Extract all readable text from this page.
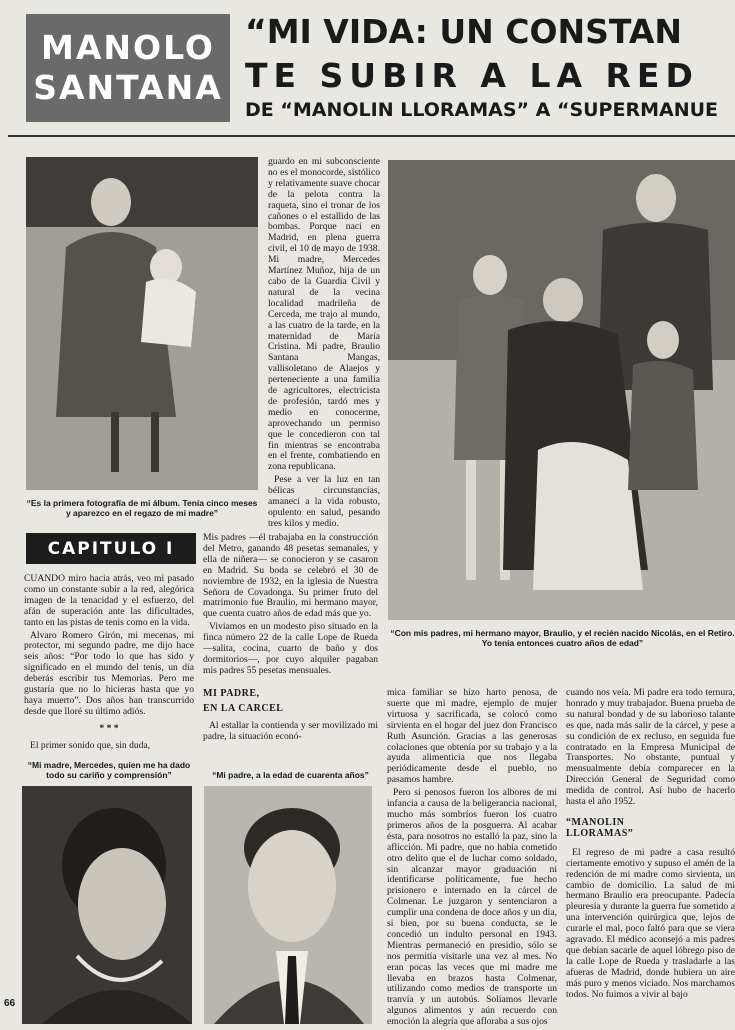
MANOLO
SANTANA
“MI VIDA: UN CONSTAN
TE SUBIR A LA RED
DE “MANOLIN LLORAMAS” A “SUPERMANUE
“Es la primera fotografía de mi álbum. Tenía cinco meses y aparezco en el regazo de mi madre”
“Con mis padres, mi hermano mayor, Braulio, y el recién nacido Nicolás, en el Retiro. Yo tenía entonces cuatro años de edad”

guardo en mi subconsciente no es el monocorde, sistólico y relativamente suave chocar de la pelota contra la raqueta, sino el tronar de los cañones o el estallido de las bombas. Porque nací en Madrid, en plena guerra civil, el 10 de mayo de 1938. Mi madre, Mercedes Martínez Muñoz, hija de un cabo de la Guardia Civil y natural de la vecina localidad madrileña de Cerceda, me trajo al mundo, a las cuatro de la tarde, en la maternidad de María Cristina. Mi padre, Braulio Santana Mangas, vallisoletano de Alaejos y perteneciente a una familia de agricultores, electricista de profesión, tardó mes y medio en conocerme, aprovechando un permiso que le concedieron con tal fin mientras se encontraba en el frente, combatiendo en zona republicana.

Pese a ver la luz en tan bélicas circunstancias, amanecí a la vida robusto, opulento en salud, pesando tres kilos y medio.

CAPITULO I

CUANDO miro hacia atrás, veo mi pasado como un constante subir a la red, alegórica imagen de la tenacidad y el esfuerzo, del afán de superación ante las dificultades, tanto en las pistas de tenis como en la vida.

Alvaro Romero Girón, mi mecenas, mi protector, mi segundo padre, me dijo hace seis años: “Por todo lo que has sido y significado en el mundo del tenis, un día deberás escribir tus Memorias. Pero me gustaría que no lo hicieras hasta que yo haya muerto”. Dos años han transcurrido desde que lloré su último adiós.

* * *

El primer sonido que, sin duda,

Mis padres —él trabajaba en la construcción del Metro, ganando 48 pesetas semanales, y ella de niñera— se conocieron y se casaron en Madrid. Su boda se celebró el 30 de noviembre de 1932, en la iglesia de Nuestra Señora de Covadonga. Su primer fruto del matrimonio fue Braulio, mi hermano mayor, que cuenta cuatro años de edad más que yo.

Viviamos en un modesto piso situado en la finca número 22 de la calle Lope de Rueda —salita, cocina, cuarto de baño y dos dormitorios—, por cuyo alquiler pagaban mis padres 55 pesetas mensuales.

MI PADRE,
EN LA CARCEL

Al estallar la contienda y ser movilizado mi padre, la situación econó-

“Mi madre, Mercedes, quien me ha dado todo su cariño y comprensión”	“Mi padre, a la edad de cuarenta años”

mica familiar se hizo harto penosa, de suerte que mi madre, ejemplo de mujer virtuosa y sacrificada, se colocó como sirvienta en el hogar del juez don Francisco Ruth Asunción. Gracias a las generosas colaciones que obtenía por su trabajo y a la ayuda alimenticia que nos llegaba periódicamente desde el pueblo, no pasamos hambre.

Pero si penosos fueron los albores de mi infancia a causa de la beligerancia nacional, mucho más sombríos fueron los cuatro primeros años de la posguerra. Al acabar ésta, para nosotros no estalló la paz, sino la aflicción. Mi padre, que no había cometido otro delito que el de luchar como soldado, sin alcanzar mayor graduación ni identificarse políticamente, fue hecho prisionero e internado en la cárcel de Colmenar. Le juzgaron y sentenciaron a cumplir una condena de doce años y un día, si bien, por su buena conducta, se le concedió un indulto personal en 1943. Mientras permaneció en presidio, sólo se nos permitía visitarle una vez al mes. No eran pocas las veces que mi madre me llevaba en brazos hasta Colmenar, utilizando como medios de transporte un tranvía y un autobús. Solíamos llevarle algunos alimentos y aún recuerdo con emoción la alegría que afloraba a sus ojos

cuando nos veía. Mi padre era todo ternura, honrado y muy trabajador. Buena prueba de su natural bondad y de su laborioso talante es que, nada más salir de la cárcel, y pese a su condición de ex recluso, en seguida fue contratado en la Empresa Municipal de Transportes. No obstante, puntual y mensualmente debía comparecer en la Dirección General de Seguridad como medida de control. Así hubo de hacerlo hasta el año 1952.

“MANOLIN
LLORAMAS”

El regreso de mi padre a casa resultó ciertamente emotivo y supuso el amén de la redención de mi madre como sirvienta, un cambio de domicilio. La salud de mi hermano Braulio era preocupante. Padecía pleuresía y durante la guerra fue sometido a una intervención quirúrgica que, lejos de curarle el mal, poco faltó para que se viera agravado. El médico aconsejó a mis padres que debían sacarle de aquel lóbrego piso de la calle Lope de Rueda y trasladarle a las afueras de Madrid, donde hubiera un aire más puro y menos viciado. Nos marchamos todos. No fuimos a vivir al bajo

66
